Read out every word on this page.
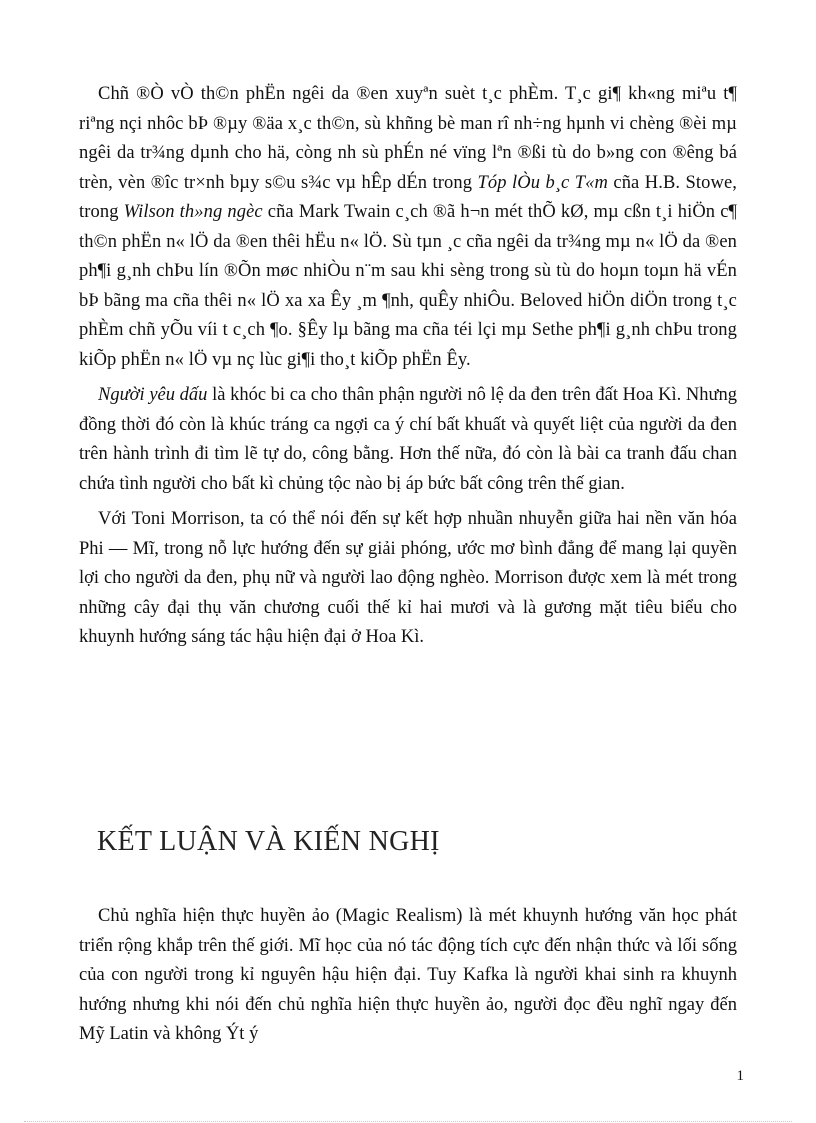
Chñ ®Ò vÒ th©n phËn ngêi da ®en xuyªn suèt t¸c phÈm. T¸c gi¶ kh«ng miªu t¶ riªng nçi nhôc bÞ ®µy ®äa x¸c th©n, sù khñng bè man rî nh÷ng hµnh vi chèng ®èi mµ ngêi da tr¾ng dµnh cho hä, còng nh sù phÉn né vïng lªn ®ßi tù do b»ng con ®êng bá trèn, vèn ®îc tr×nh bµy s©u s¾c vµ hÊp dÉn trong Tóp lÒu b¸c T«m cña H.B. Stowe, trong Wilson th»ng ngèc cña Mark Twain c¸ch ®ã h¬n mét thÕ kØ, mµ cßn t¸i hiÖn c¶ th©n phËn n« lÖ da ®en thêi hËu n« lÖ. Sù tµn ¸c cña ngêi da tr¾ng mµ n« lÖ da ®en ph¶i g¸nh chÞu lín ®Õn møc nhiÒu n¨m sau khi sèng trong sù tù do hoµn toµn hä vÉn bÞ bãng ma cña thêi n« lÖ xa xa Êy ¸m ¶nh, quÊy nhiÔu. Beloved hiÖn diÖn trong t¸c phÈm chñ yÕu víi t c¸ch ¶o. §Êy lµ bãng ma cña téi lçi mµ Sethe ph¶i g¸nh chÞu trong kiÕp phËn n« lÖ vµ nç lùc gi¶i tho¸t kiÕp phËn Êy.

Người yêu dấu là khóc bi ca cho thân phận người nô lệ da đen trên đất Hoa Kì. Nhưng đồng thời đó còn là khúc tráng ca ngợi ca ý chí bất khuất và quyết liệt của người da đen trên hành trình đi tìm lẽ tự do, công bằng. Hơn thế nữa, đó còn là bài ca tranh đấu chan chứa tình người cho bất kì chủng tộc nào bị áp bức bất công trên thế gian.

Với Toni Morrison, ta có thể nói đến sự kết hợp nhuần nhuyễn giữa hai nền văn hóa Phi — Mĩ, trong nỗ lực hướng đến sự giải phóng, ước mơ bình đẳng để mang lại quyền lợi cho người da đen, phụ nữ và người lao động nghèo. Morrison được xem là mét trong những cây đại thụ văn chương cuối thế kỉ hai mươi và là gương mặt tiêu biểu cho khuynh hướng sáng tác hậu hiện đại ở Hoa Kì.

KẾT LUẬN VÀ KIẾN NGHỊ

Chủ nghĩa hiện thực huyền ảo (Magic Realism) là mét khuynh hướng văn học phát triển rộng khắp trên thế giới. Mĩ học của nó tác động tích cực đến nhận thức và lối sống của con người trong kỉ nguyên hậu hiện đại. Tuy Kafka là người khai sinh ra khuynh hướng nhưng khi nói đến chủ nghĩa hiện thực huyền ảo, người đọc đều nghĩ ngay đến Mỹ Latin và không Ýt ý

1
